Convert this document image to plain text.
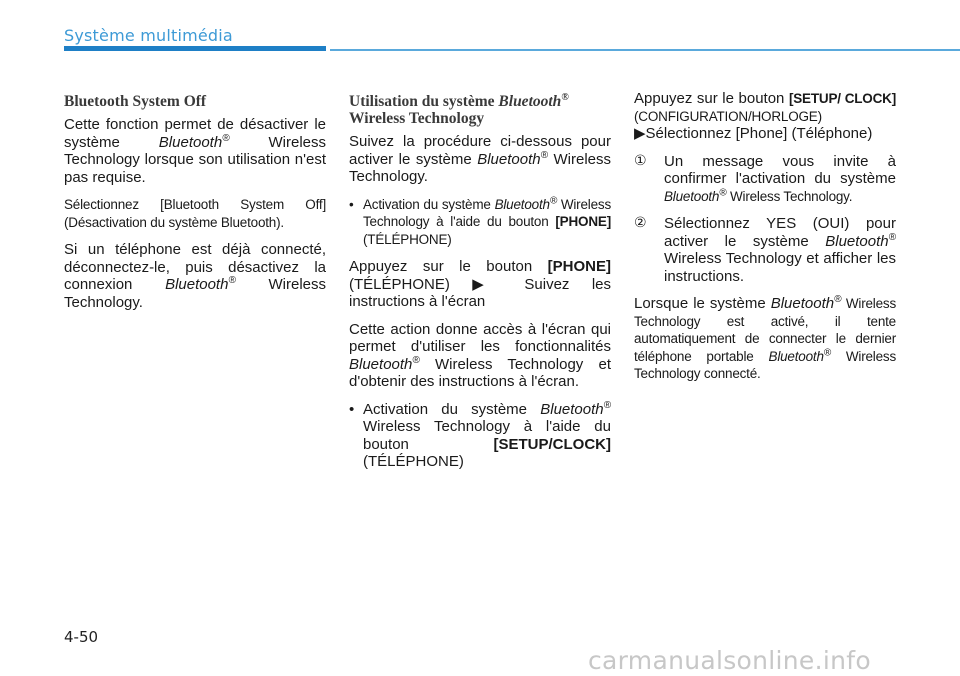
Système multimédia
Bluetooth System Off

Cette fonction permet de désactiver le système Bluetooth® Wireless Technology lorsque son utilisation n'est pas requise.

Sélectionnez [Bluetooth System Off] (Désactivation du système Bluetooth).

Si un téléphone est déjà connecté, déconnectez-le, puis désactivez la connexion Bluetooth® Wireless Technology.

Utilisation du système Bluetooth®
Wireless Technology

Suivez la procédure ci-dessous pour activer le système Bluetooth® Wireless Technology.

• Activation du système Bluetooth® Wireless Technology à l'aide du bouton [PHONE] (TÉLÉPHONE)

Appuyez sur le bouton [PHONE] (TÉLÉPHONE) ▶ Suivez les instructions à l'écran

Cette action donne accès à l'écran qui permet d'utiliser les fonctionnalités Bluetooth® Wireless Technology et d'obtenir des instructions à l'écran.

• Activation du système Bluetooth® Wireless Technology à l'aide du bouton [SETUP/CLOCK] (TÉLÉPHONE)

Appuyez sur le bouton [SETUP/ CLOCK] (CONFIGURATION/HORLOGE)
▶Sélectionnez [Phone] (Téléphone)

① Un message vous invite à confirmer l'activation du système Bluetooth® Wireless Technology.

② Sélectionnez YES (OUI) pour activer le système Bluetooth® Wireless Technology et afficher les instructions.

Lorsque le système Bluetooth® Wireless Technology est activé, il tente automatiquement de connecter le dernier téléphone portable Bluetooth® Wireless Technology connecté.

4-50
carmanualsonline.info
